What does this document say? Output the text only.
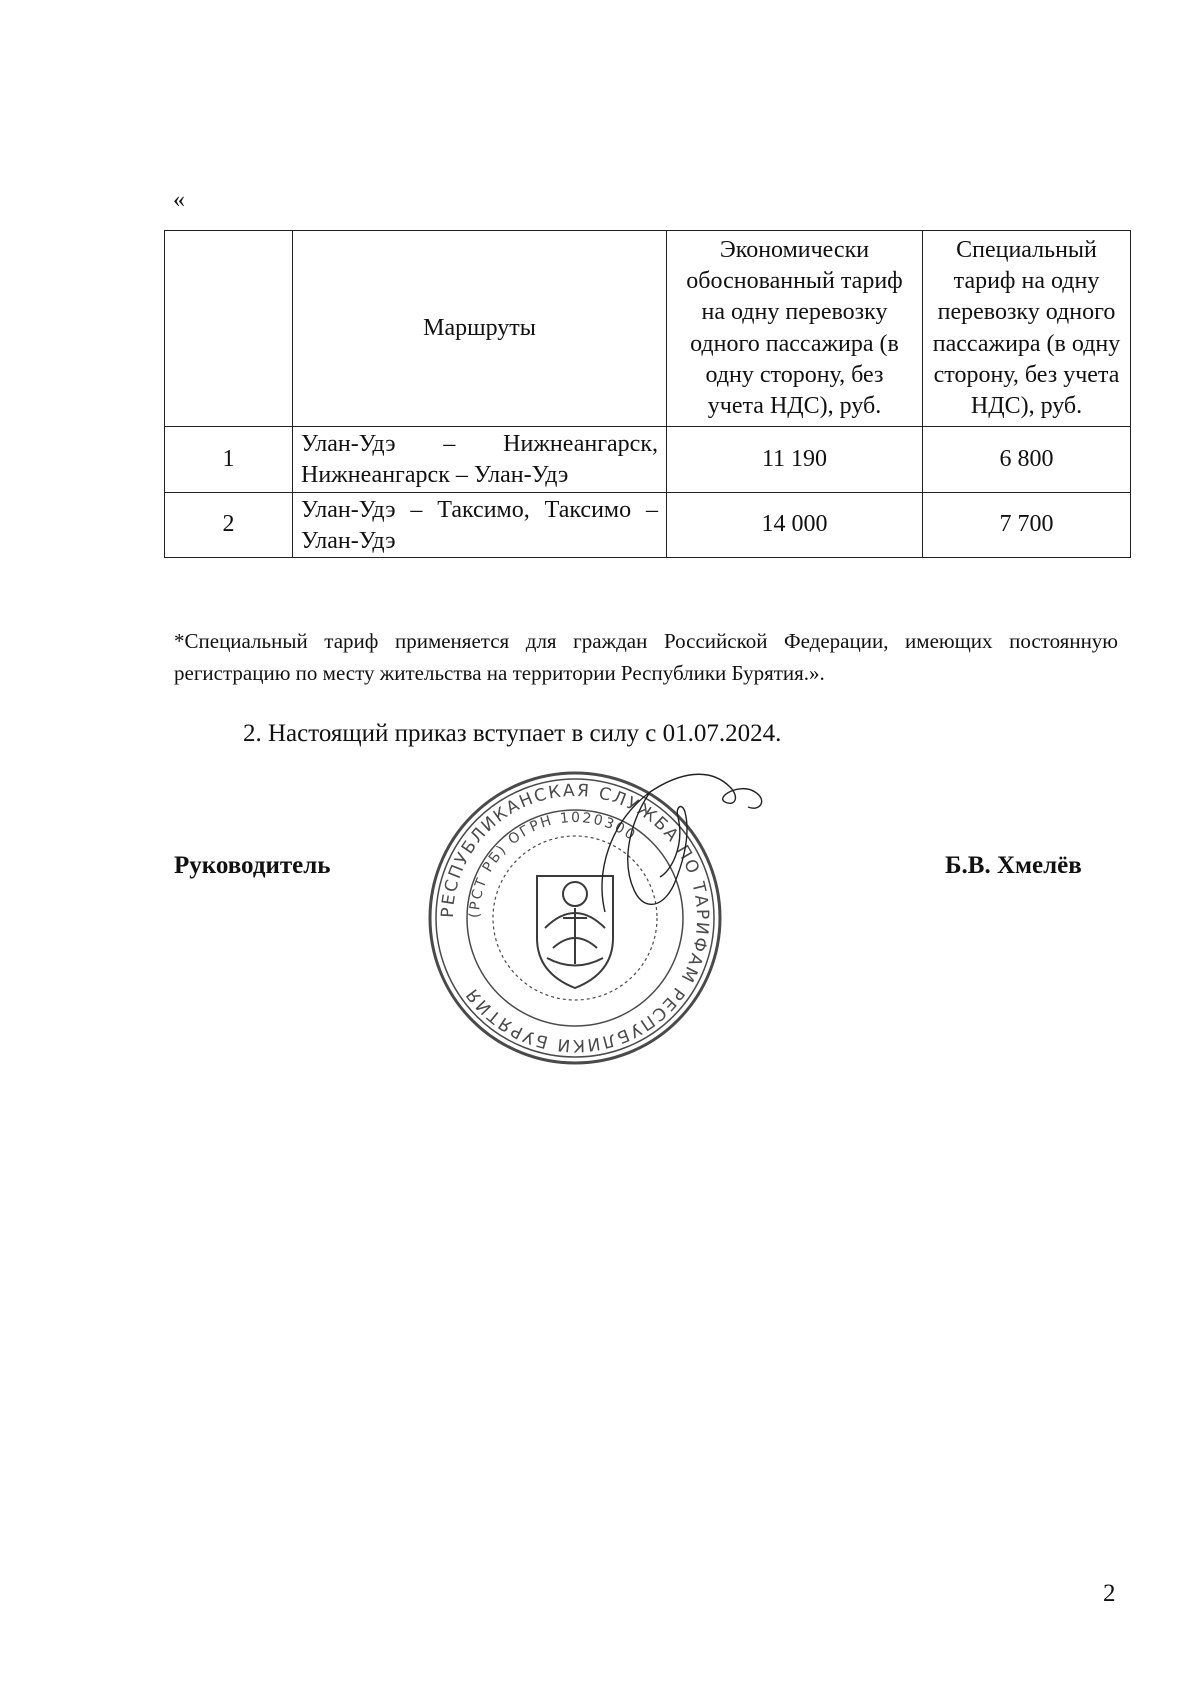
«
	Маршруты	Экономически обоснованный тариф на одну перевозку одного пассажира (в одну сторону, без учета НДС), руб.	Специальный тариф на одну перевозку одного пассажира (в одну сторону, без учета НДС), руб.
1	Улан-Удэ – Нижнеангарск, Нижнеангарск – Улан-Удэ	11 190	6 800
2	Улан-Удэ – Таксимо, Таксимо – Улан-Удэ	14 000	7 700
*Специальный тариф применяется для граждан Российской Федерации, имеющих постоянную регистрацию по месту жительства на территории Республики Бурятия.».
2. Настоящий приказ вступает в силу с 01.07.2024.
Руководитель
РЕСПУБЛИКАНСКАЯ СЛУЖБА ПО ТАРИФАМ РЕСПУБЛИКИ БУРЯТИЯ
(РСТ РБ) ОГРН 1020300
Б.В. Хмелёв
2
